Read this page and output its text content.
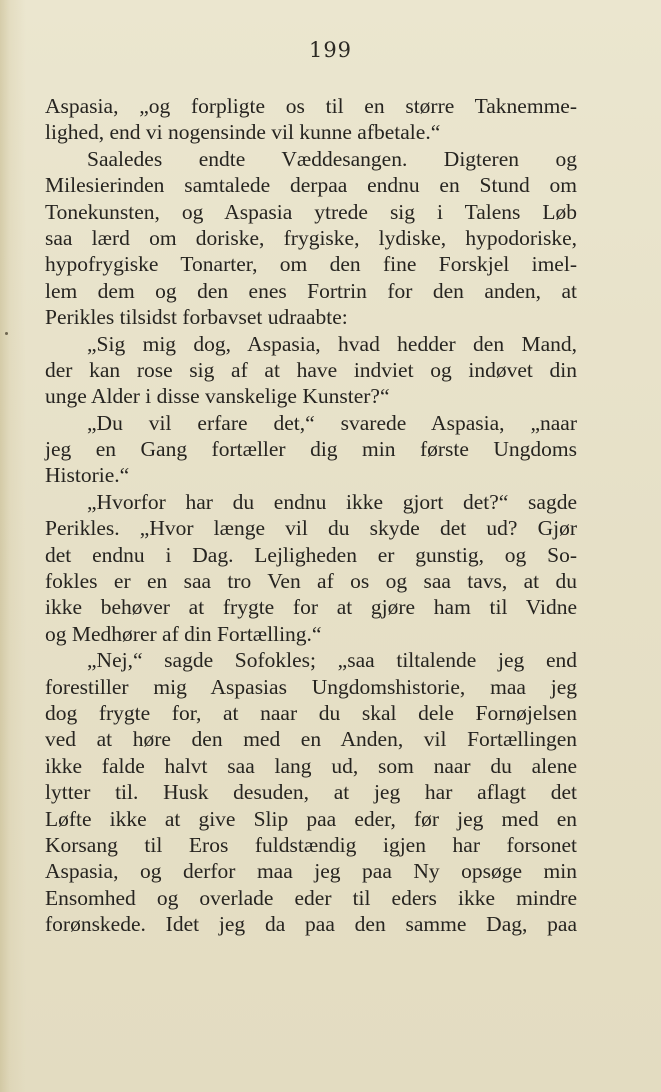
199
Aspasia, „og forpligte os til en større Taknemme-
lighed, end vi nogensinde vil kunne afbetale.“
Saaledes endte Væddesangen. Digteren og
Milesierinden samtalede derpaa endnu en Stund om
Tonekunsten, og Aspasia ytrede sig i Talens Løb
saa lærd om doriske, frygiske, lydiske, hypodoriske,
hypofrygiske Tonarter, om den fine Forskjel imel-
lem dem og den enes Fortrin for den anden, at
Perikles tilsidst forbavset udraabte:
„Sig mig dog, Aspasia, hvad hedder den Mand,
der kan rose sig af at have indviet og indøvet din
unge Alder i disse vanskelige Kunster?“
„Du vil erfare det,“ svarede Aspasia, „naar
jeg en Gang fortæller dig min første Ungdoms
Historie.“
„Hvorfor har du endnu ikke gjort det?“ sagde
Perikles. „Hvor længe vil du skyde det ud? Gjør
det endnu i Dag. Lejligheden er gunstig, og So-
fokles er en saa tro Ven af os og saa tavs, at du
ikke behøver at frygte for at gjøre ham til Vidne
og Medhører af din Fortælling.“
„Nej,“ sagde Sofokles; „saa tiltalende jeg end
forestiller mig Aspasias Ungdomshistorie, maa jeg
dog frygte for, at naar du skal dele Fornøjelsen
ved at høre den med en Anden, vil Fortællingen
ikke falde halvt saa lang ud, som naar du alene
lytter til. Husk desuden, at jeg har aflagt det
Løfte ikke at give Slip paa eder, før jeg med en
Korsang til Eros fuldstændig igjen har forsonet
Aspasia, og derfor maa jeg paa Ny opsøge min
Ensomhed og overlade eder til eders ikke mindre
forønskede. Idet jeg da paa den samme Dag, paa
